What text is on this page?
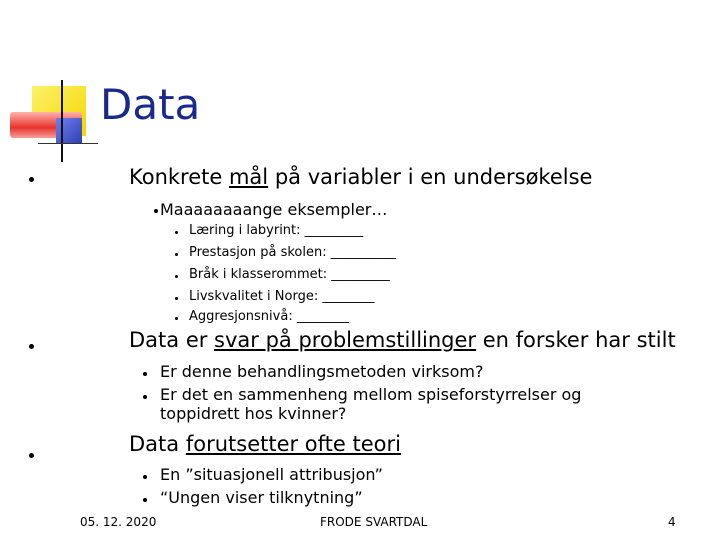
Data
Konkrete mål på variabler i en undersøkelse
Maaaaaaaange eksempler…
Læring i labyrint: _________
Prestasjon på skolen: __________
Bråk i klasserommet: _________
Livskvalitet i Norge: ________
Aggresjonsnivå: ________
Data er svar på problemstillinger en forsker har stilt
Er denne behandlingsmetoden virksom?
Er det en sammenheng mellom spiseforstyrrelser og toppidrett hos kvinner?
Data forutsetter ofte teori
En ”situasjonell attribusjon”
“Ungen viser tilknytning”
05. 12. 2020	FRODE SVARTDAL	4
